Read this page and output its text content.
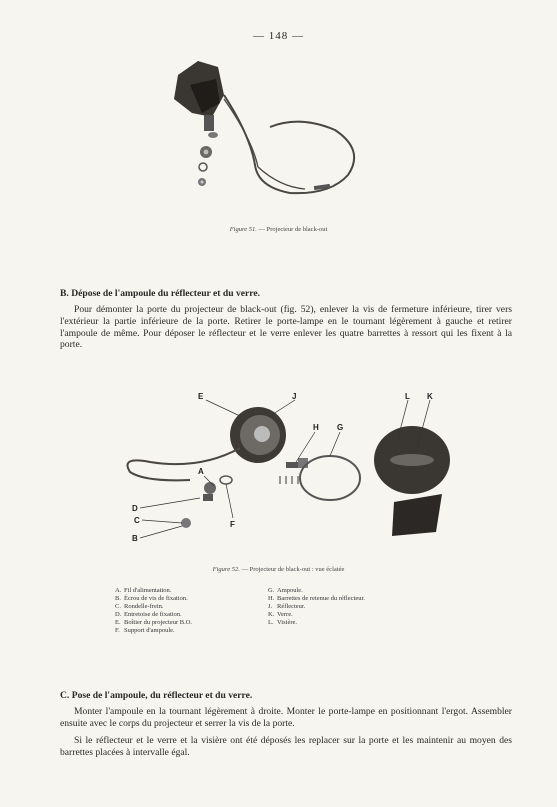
— 148 —
Figure 51. — Projecteur de black-out
B. Dépose de l'ampoule du réflecteur et du verre.
Pour démonter la porte du projecteur de black-out (fig. 52), enlever la vis de fermeture inférieure, tirer vers l'extérieur la partie inférieure de la porte. Retirer le porte-lampe en le tournant légèrement à gauche et retirer l'ampoule de même. Pour déposer le réflecteur et le verre enlever les quatre barrettes à ressort qui les fixent à la porte.
E	J
H G
L K
A
D
C
B
F
Figure 52. — Projecteur de black-out : vue éclatée
A. Fil d'alimentation.
B. Écrou de vis de fixation.
C. Rondelle-frein.
D. Entretoise de fixation.
E. Boîtier du projecteur B.O.
F. Support d'ampoule.
G. Ampoule.
H. Barrettes de retenue du réflecteur.
J. Réflecteur.
K. Verre.
L. Visière.
C. Pose de l'ampoule, du réflecteur et du verre.
Monter l'ampoule en la tournant légèrement à droite. Monter le porte-lampe en positionnant l'ergot. Assembler ensuite avec le corps du projecteur et serrer la vis de la porte.
Si le réflecteur et le verre et la visière ont été déposés les replacer sur la porte et les maintenir au moyen des barrettes placées à intervalle égal.
